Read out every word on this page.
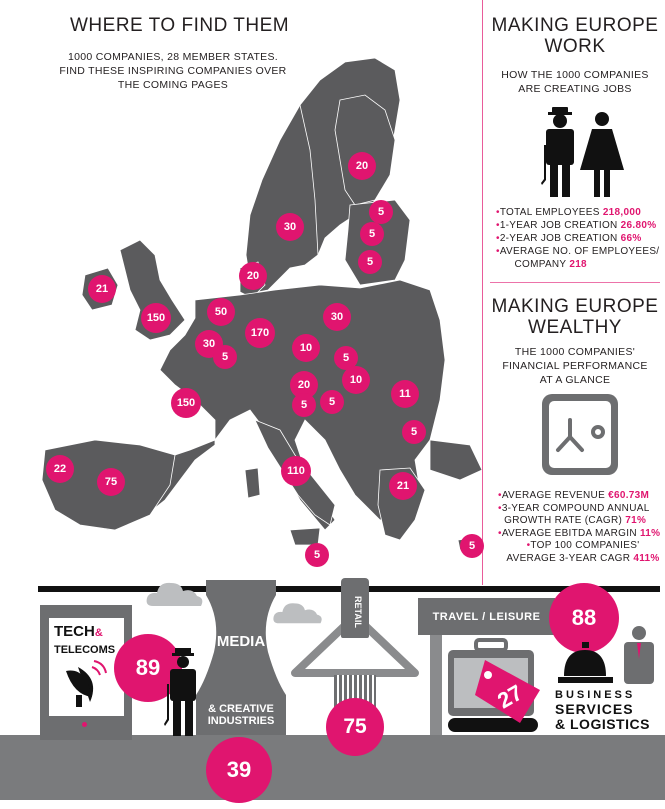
WHERE TO FIND THEM
1000 COMPANIES, 28 MEMBER STATES.
FIND THESE INSPIRING COMPANIES OVER
THE COMING PAGES
20
5
5
30
5
20
21
150	50
170
30
30
5
10
5
10
20
150
11
5	5
5
22
75
110
21
5
5
MAKING EUROPE
WORK
HOW THE 1000 COMPANIES
ARE CREATING JOBS
•TOTAL EMPLOYEES 218,000
•1-YEAR JOB CREATION 26.80%
•2-YEAR JOB CREATION 66%
•AVERAGE NO. OF EMPLOYEES/
COMPANY 218
MAKING EUROPE
WEALTHY
THE 1000 COMPANIES'
FINANCIAL PERFORMANCE
AT A GLANCE
•AVERAGE REVENUE €60.73M
•3-YEAR COMPOUND ANNUAL
GROWTH RATE (CAGR) 71%
•AVERAGE EBITDA MARGIN 11%
•TOP 100 COMPANIES'
AVERAGE 3-YEAR CAGR 411%
TECH&
TELECOMS
89
MEDIA
& CREATIVE
INDUSTRIES
39
RETAIL
75
TRAVEL / LEISURE
27
88
BUSINESS
SERVICES
& LOGISTICS
